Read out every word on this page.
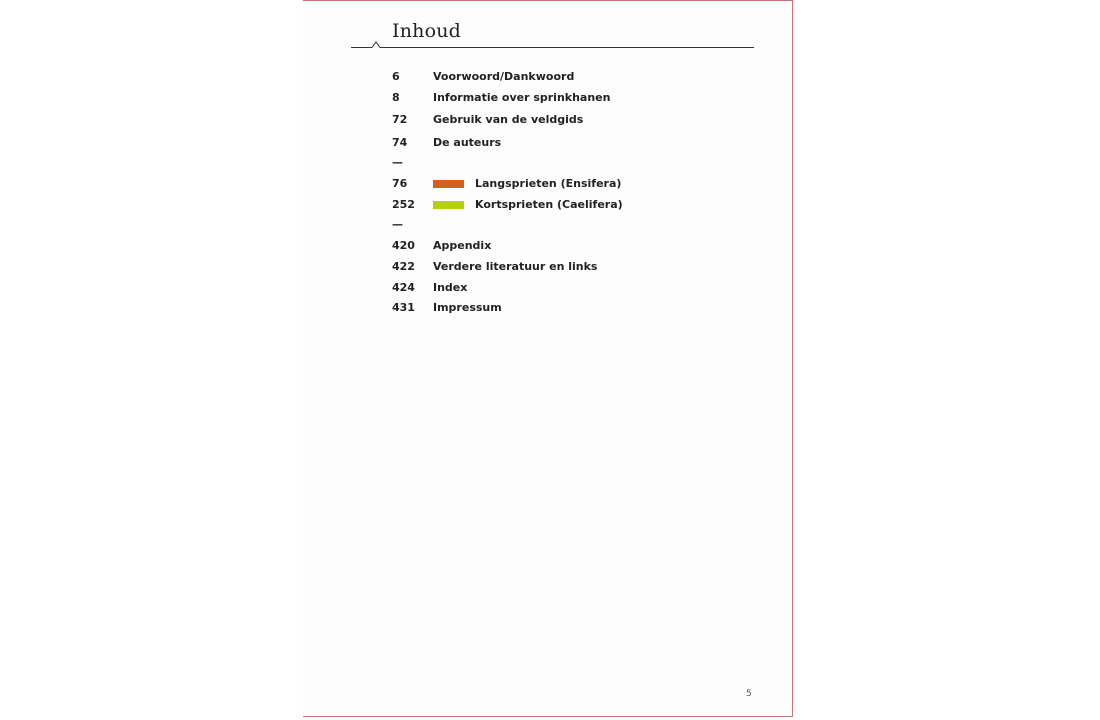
Inhoud
6	Voorwoord/Dankwoord
8	Informatie over sprinkhanen
72	Gebruik van de veldgids
74	De auteurs
—
76	Langsprieten (Ensifera)
252	Kortsprieten (Caelifera)
—
420	Appendix
422	Verdere literatuur en links
424	Index
431	Impressum
5
